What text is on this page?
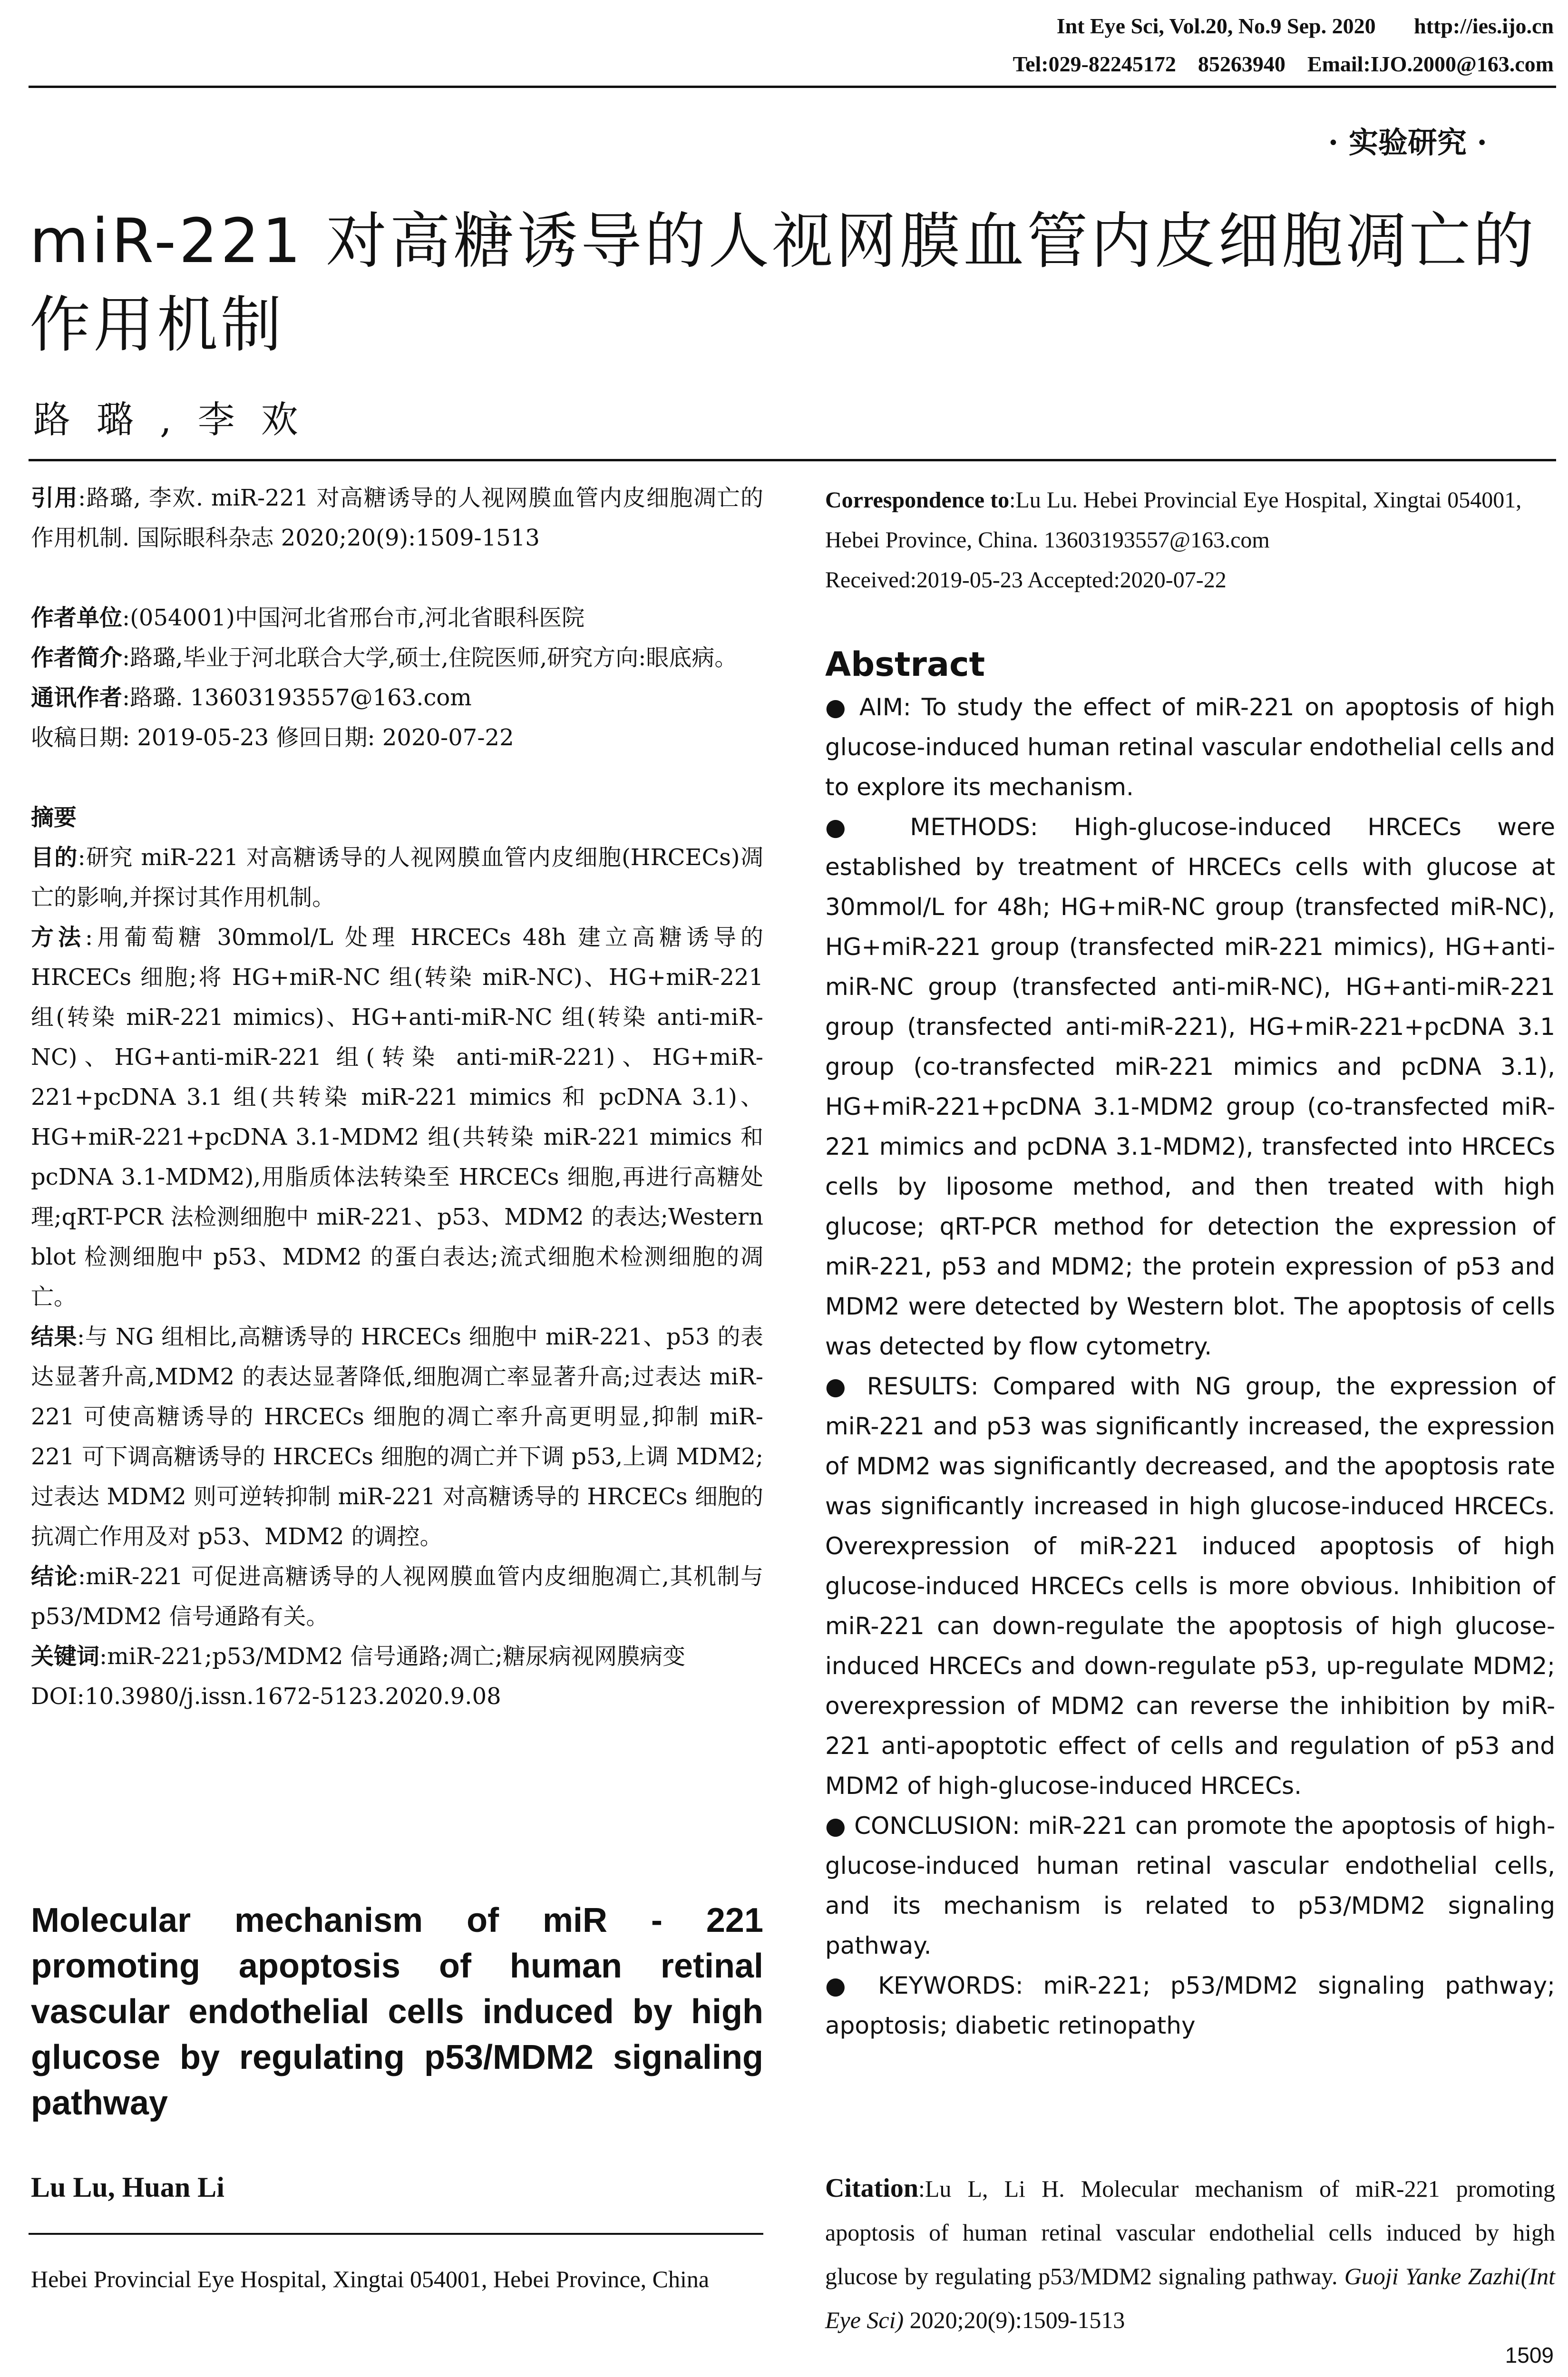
Int Eye Sci, Vol.20, No.9 Sep. 2020       http://ies.ijo.cn
Tel:029-82245172    85263940    Email:IJO.2000@163.com
· 实验研究 ·
miR-221 对高糖诱导的人视网膜血管内皮细胞凋亡的作用机制
路璐,李欢

引用:路璐, 李欢. miR-221 对高糖诱导的人视网膜血管内皮细胞凋亡的作用机制. 国际眼科杂志 2020;20(9):1509-1513

作者单位:(054001)中国河北省邢台市,河北省眼科医院

作者简介:路璐,毕业于河北联合大学,硕士,住院医师,研究方向:眼底病。

通讯作者:路璐. 13603193557@163.com

收稿日期: 2019-05-23 修回日期: 2020-07-22

摘要

目的:研究 miR-221 对高糖诱导的人视网膜血管内皮细胞(HRCECs)凋亡的影响,并探讨其作用机制。

方法:用葡萄糖 30mmol/L 处理 HRCECs 48h 建立高糖诱导的 HRCECs 细胞;将 HG+miR-NC 组(转染 miR-NC)、HG+miR-221 组(转染 miR-221 mimics)、HG+anti-miR-NC 组(转染 anti-miR-NC)、HG+anti-miR-221 组(转染 anti-miR-221)、HG+miR-221+pcDNA 3.1 组(共转染 miR-221 mimics 和 pcDNA 3.1)、HG+miR-221+pcDNA 3.1-MDM2 组(共转染 miR-221 mimics 和 pcDNA 3.1-MDM2),用脂质体法转染至 HRCECs 细胞,再进行高糖处理;qRT-PCR 法检测细胞中 miR-221、p53、MDM2 的表达;Western blot 检测细胞中 p53、MDM2 的蛋白表达;流式细胞术检测细胞的凋亡。

结果:与 NG 组相比,高糖诱导的 HRCECs 细胞中 miR-221、p53 的表达显著升高,MDM2 的表达显著降低,细胞凋亡率显著升高;过表达 miR-221 可使高糖诱导的 HRCECs 细胞的凋亡率升高更明显,抑制 miR-221 可下调高糖诱导的 HRCECs 细胞的凋亡并下调 p53,上调 MDM2;过表达 MDM2 则可逆转抑制 miR-221 对高糖诱导的 HRCECs 细胞的抗凋亡作用及对 p53、MDM2 的调控。

结论:miR-221 可促进高糖诱导的人视网膜血管内皮细胞凋亡,其机制与 p53/MDM2 信号通路有关。

关键词:miR-221;p53/MDM2 信号通路;凋亡;糖尿病视网膜病变

DOI:10.3980/j.issn.1672-5123.2020.9.08

Molecular mechanism of miR - 221 promoting apoptosis of human retinal vascular endothelial cells induced by high glucose by regulating p53/MDM2 signaling pathway
Lu Lu, Huan Li
Hebei Provincial Eye Hospital, Xingtai 054001, Hebei Province, China

Correspondence to:Lu Lu. Hebei Provincial Eye Hospital, Xingtai 054001, Hebei Province, China. 13603193557@163.com

Received:2019-05-23 Accepted:2020-07-22

Abstract

● AIM: To study the effect of miR-221 on apoptosis of high glucose-induced human retinal vascular endothelial cells and to explore its mechanism.

● METHODS: High-glucose-induced HRCECs were established by treatment of HRCECs cells with glucose at 30mmol/L for 48h; HG+miR-NC group (transfected miR-NC), HG+miR-221 group (transfected miR-221 mimics), HG+anti-miR-NC group (transfected anti-miR-NC), HG+anti-miR-221 group (transfected anti-miR-221), HG+miR-221+pcDNA 3.1 group (co-transfected miR-221 mimics and pcDNA 3.1), HG+miR-221+pcDNA 3.1-MDM2 group (co-transfected miR-221 mimics and pcDNA 3.1-MDM2), transfected into HRCECs cells by liposome method, and then treated with high glucose; qRT-PCR method for detection the expression of miR-221, p53 and MDM2; the protein expression of p53 and MDM2 were detected by Western blot. The apoptosis of cells was detected by flow cytometry.

● RESULTS: Compared with NG group, the expression of miR-221 and p53 was significantly increased, the expression of MDM2 was significantly decreased, and the apoptosis rate was significantly increased in high glucose-induced HRCECs. Overexpression of miR-221 induced apoptosis of high glucose-induced HRCECs cells is more obvious. Inhibition of miR-221 can down-regulate the apoptosis of high glucose-induced HRCECs and down-regulate p53, up-regulate MDM2; overexpression of MDM2 can reverse the inhibition by miR-221 anti-apoptotic effect of cells and regulation of p53 and MDM2 of high-glucose-induced HRCECs.

● CONCLUSION: miR-221 can promote the apoptosis of high-glucose-induced human retinal vascular endothelial cells, and its mechanism is related to p53/MDM2 signaling pathway.

● KEYWORDS: miR-221; p53/MDM2 signaling pathway; apoptosis; diabetic retinopathy

Citation:Lu L, Li H. Molecular mechanism of miR-221 promoting apoptosis of human retinal vascular endothelial cells induced by high glucose by regulating p53/MDM2 signaling pathway. Guoji Yanke Zazhi(Int Eye Sci) 2020;20(9):1509-1513
1509
